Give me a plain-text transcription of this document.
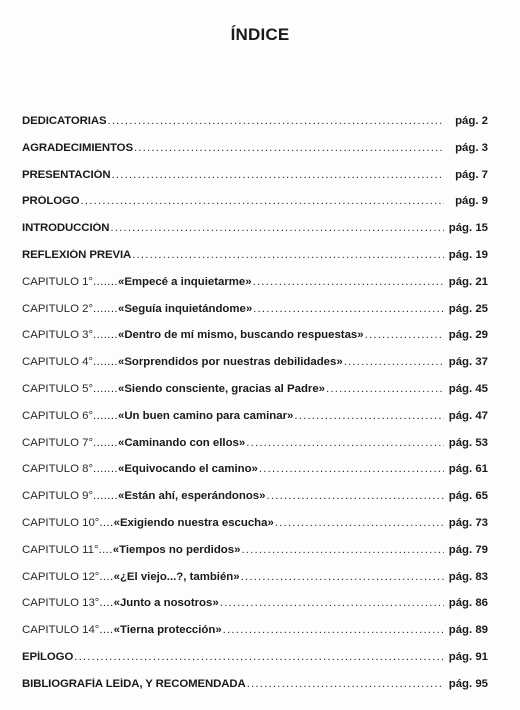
ÍNDICE
DEDICATORIAS .....	pág. 2
AGRADECIMIENTOS .....	pág. 3
PRESENTACIÓN .....	pág. 7
PRÓLOGO .....	pág. 9
INTRODUCCIÓN .....	pág. 15
REFLEXIÓN PREVIA .....	pág. 19
CAPITULO 1° ....... «Empecé a inquietarme» .....	pág. 21
CAPITULO 2° ....... «Seguía inquietándome» .....	pág. 25
CAPITULO 3° ....... «Dentro de mí mismo, buscando respuestas» .....	pág. 29
CAPITULO 4° ....... «Sorprendidos por nuestras debilidades» .....	pág. 37
CAPITULO 5° ....... «Siendo consciente, gracias al Padre» .....	pág. 45
CAPITULO 6° ....... «Un buen camino para caminar» .....	pág. 47
CAPITULO 7° ....... «Caminando con ellos» .....	pág. 53
CAPITULO 8° ....... «Equivocando el camino» .....	pág. 61
CAPITULO 9° ....... «Están ahí, esperándonos» .....	pág. 65
CAPITULO 10° .... «Exigiendo nuestra escucha» .....	pág. 73
CAPITULO 11° .... «Tiempos no perdidos» .....	pág. 79
CAPITULO 12° .... «¿El viejo...?, también» .....	pág. 83
CAPITULO 13° .... «Junto a nosotros» .....	pág. 86
CAPITULO 14° .... «Tierna protección» .....	pág. 89
EPÍLOGO .....	pág. 91
BIBLIOGRAFÍA LEÍDA, Y RECOMENDADA .....	pág. 95
